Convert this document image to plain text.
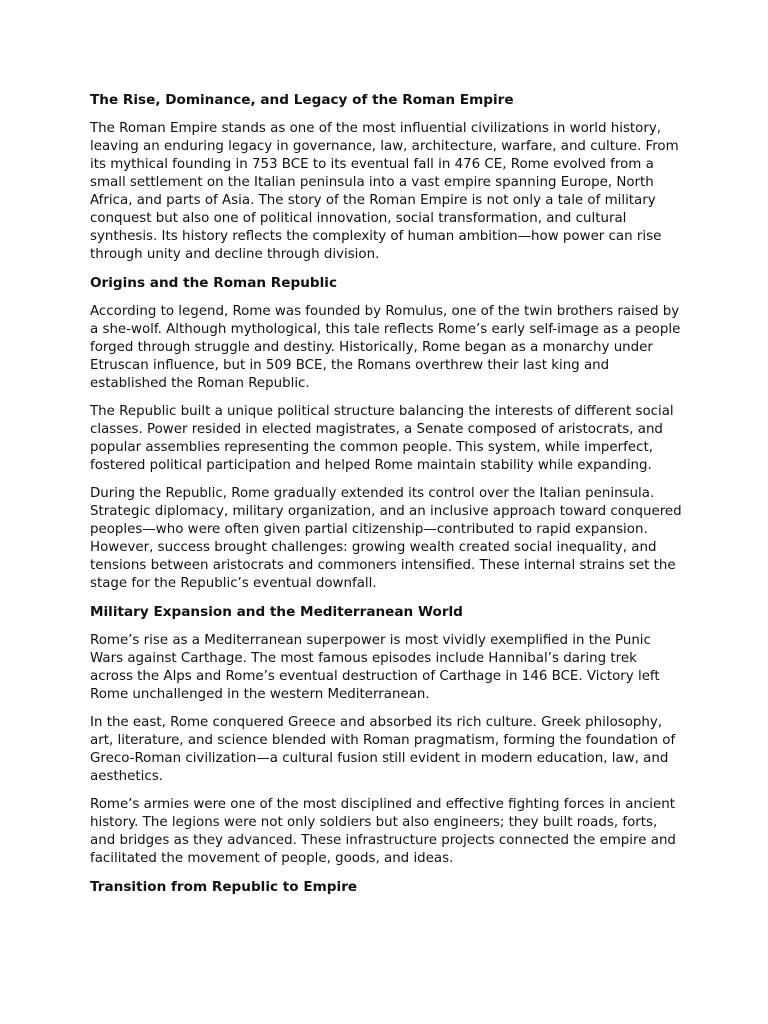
The Rise, Dominance, and Legacy of the Roman Empire

The Roman Empire stands as one of the most influential civilizations in world history, leaving an enduring legacy in governance, law, architecture, warfare, and culture. From its mythical founding in 753 BCE to its eventual fall in 476 CE, Rome evolved from a small settlement on the Italian peninsula into a vast empire spanning Europe, North Africa, and parts of Asia. The story of the Roman Empire is not only a tale of military conquest but also one of political innovation, social transformation, and cultural synthesis. Its history reflects the complexity of human ambition—how power can rise through unity and decline through division.

Origins and the Roman Republic

According to legend, Rome was founded by Romulus, one of the twin brothers raised by a she-wolf. Although mythological, this tale reflects Rome’s early self-image as a people forged through struggle and destiny. Historically, Rome began as a monarchy under Etruscan influence, but in 509 BCE, the Romans overthrew their last king and established the Roman Republic.

The Republic built a unique political structure balancing the interests of different social classes. Power resided in elected magistrates, a Senate composed of aristocrats, and popular assemblies representing the common people. This system, while imperfect, fostered political participation and helped Rome maintain stability while expanding.

During the Republic, Rome gradually extended its control over the Italian peninsula. Strategic diplomacy, military organization, and an inclusive approach toward conquered peoples—who were often given partial citizenship—contributed to rapid expansion. However, success brought challenges: growing wealth created social inequality, and tensions between aristocrats and commoners intensified. These internal strains set the stage for the Republic’s eventual downfall.

Military Expansion and the Mediterranean World

Rome’s rise as a Mediterranean superpower is most vividly exemplified in the Punic Wars against Carthage. The most famous episodes include Hannibal’s daring trek across the Alps and Rome’s eventual destruction of Carthage in 146 BCE. Victory left Rome unchallenged in the western Mediterranean.

In the east, Rome conquered Greece and absorbed its rich culture. Greek philosophy, art, literature, and science blended with Roman pragmatism, forming the foundation of Greco-Roman civilization—a cultural fusion still evident in modern education, law, and aesthetics.

Rome’s armies were one of the most disciplined and effective fighting forces in ancient history. The legions were not only soldiers but also engineers; they built roads, forts, and bridges as they advanced. These infrastructure projects connected the empire and facilitated the movement of people, goods, and ideas.

Transition from Republic to Empire
